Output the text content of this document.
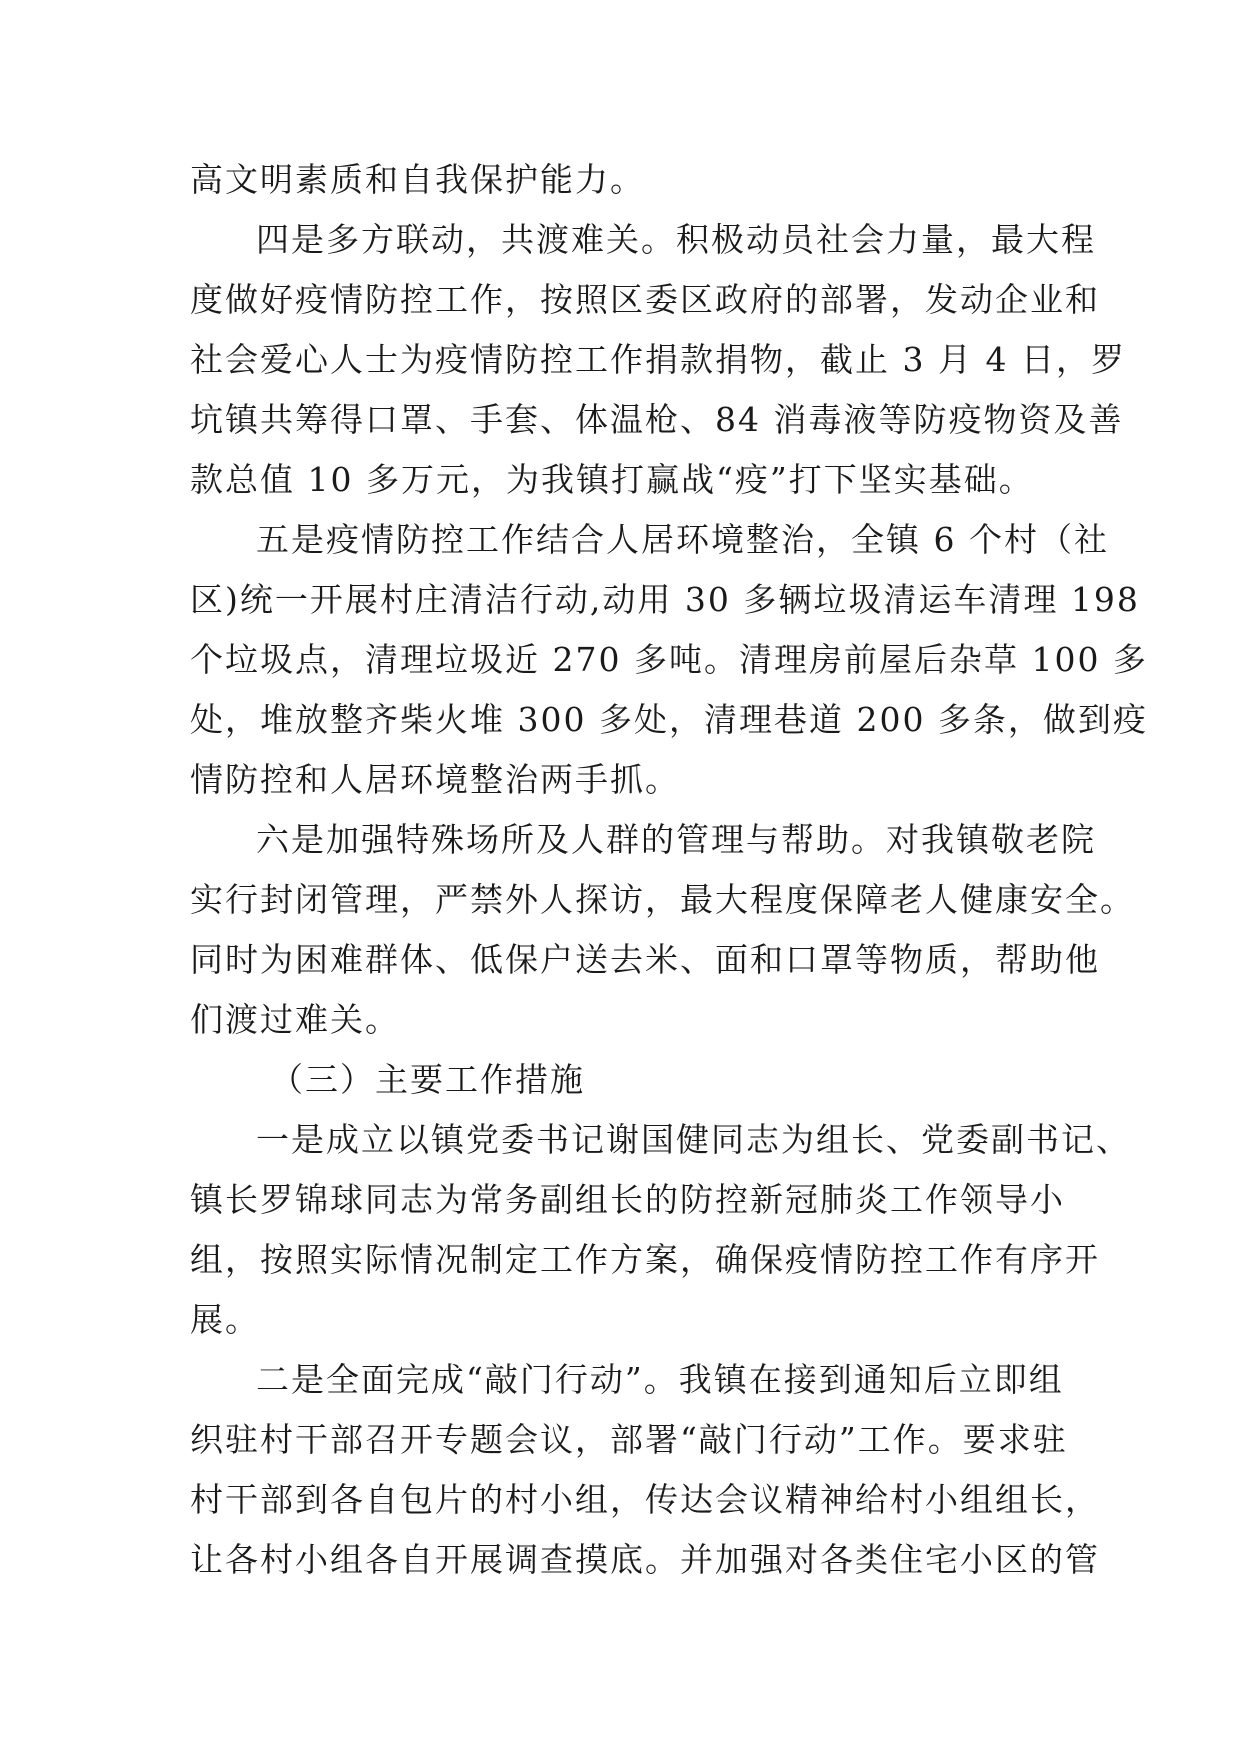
高文明素质和自我保护能力。
四是多方联动，共渡难关。积极动员社会力量，最大程
度做好疫情防控工作，按照区委区政府的部署，发动企业和
社会爱心人士为疫情防控工作捐款捐物，截止 3 月 4 日，罗
坑镇共筹得口罩、手套、体温枪、84 消毒液等防疫物资及善
款总值 10 多万元，为我镇打赢战“疫”打下坚实基础。
五是疫情防控工作结合人居环境整治，全镇 6 个村（社
区)统一开展村庄清洁行动,动用 30 多辆垃圾清运车清理 198
个垃圾点，清理垃圾近 270 多吨。清理房前屋后杂草 100 多
处，堆放整齐柴火堆 300 多处，清理巷道 200 多条，做到疫
情防控和人居环境整治两手抓。
六是加强特殊场所及人群的管理与帮助。对我镇敬老院
实行封闭管理，严禁外人探访，最大程度保障老人健康安全。
同时为困难群体、低保户送去米、面和口罩等物质，帮助他
们渡过难关。
（三）主要工作措施
一是成立以镇党委书记谢国健同志为组长、党委副书记、
镇长罗锦球同志为常务副组长的防控新冠肺炎工作领导小
组，按照实际情况制定工作方案，确保疫情防控工作有序开
展。
二是全面完成“敲门行动”。我镇在接到通知后立即组
织驻村干部召开专题会议，部署“敲门行动”工作。要求驻
村干部到各自包片的村小组，传达会议精神给村小组组长，
让各村小组各自开展调查摸底。并加强对各类住宅小区的管
